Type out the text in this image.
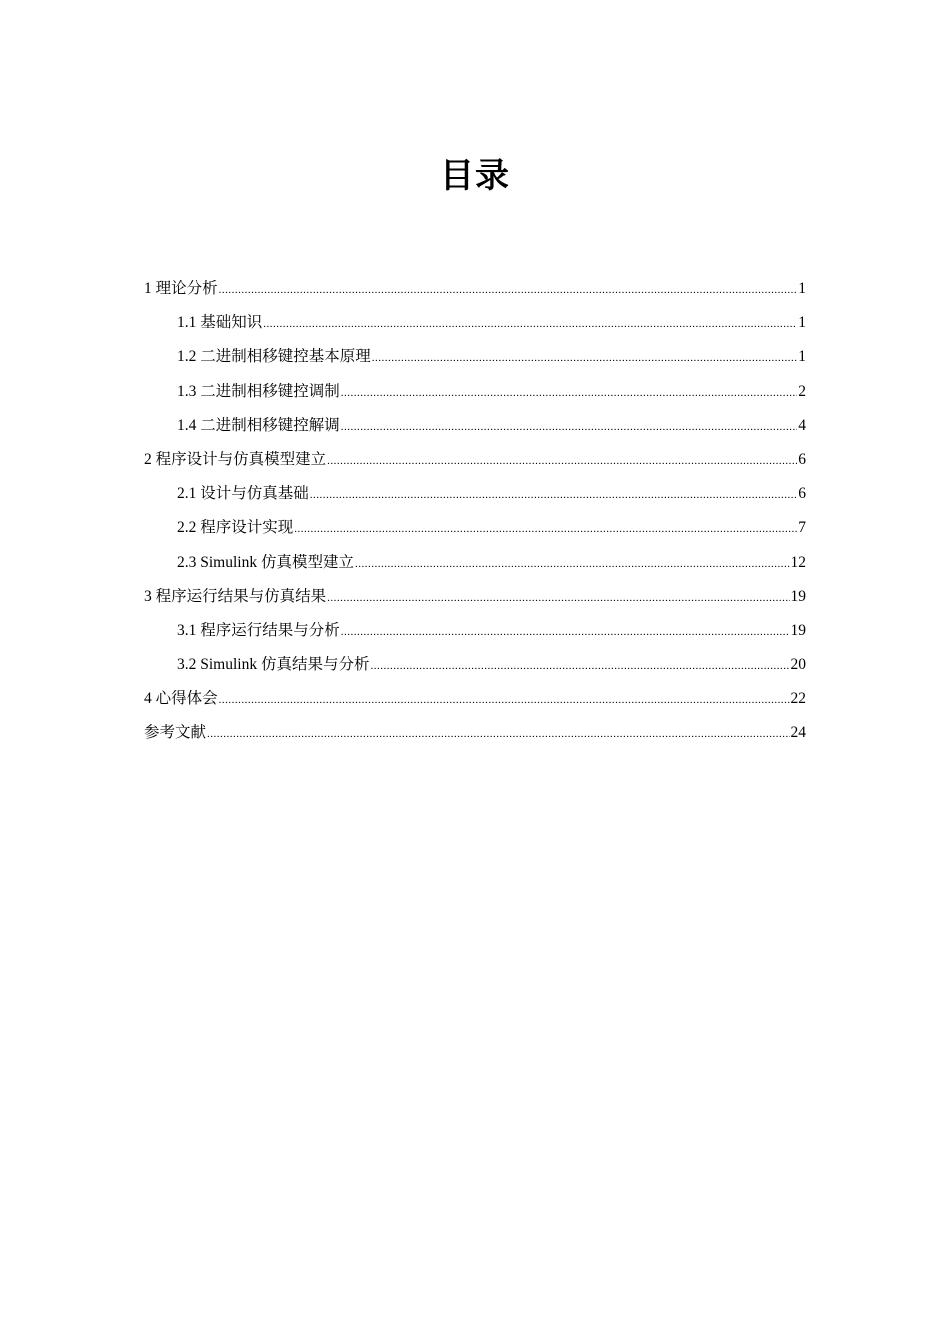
目录
1 理论分析 .....	1
1.1 基础知识 .....	1
1.2 二进制相移键控基本原理 .....	1
1.3 二进制相移键控调制 .....	2
1.4 二进制相移键控解调 .....	4
2 程序设计与仿真模型建立 .....	6
2.1 设计与仿真基础 .....	6
2.2 程序设计实现 .....	7
2.3 Simulink 仿真模型建立 .....	12
3 程序运行结果与仿真结果 .....	19
3.1 程序运行结果与分析 .....	19
3.2 Simulink 仿真结果与分析 .....	20
4 心得体会 .....	22
参考文献 .....	24
